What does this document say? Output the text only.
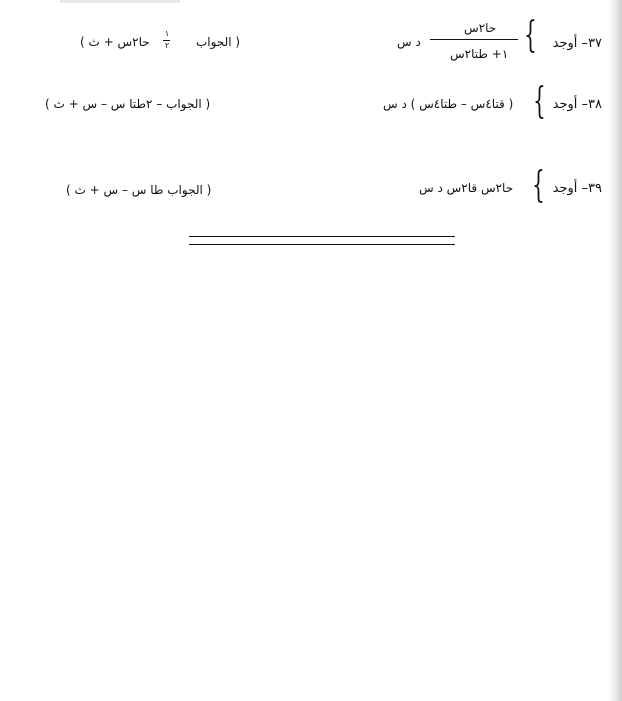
٣٧– أوجد
{
حا٢س
١+ طتا٢س
د س
( الجواب
١
٢
حا٢س + ث )
٣٨– أوجد
{
( قتا٤س – طتا٤س ) د س
( الجواب – ٢طتا س – س + ث )
٣٩– أوجد
{
حا٢س قا٢س د س
( الجواب طا س – س + ث )
